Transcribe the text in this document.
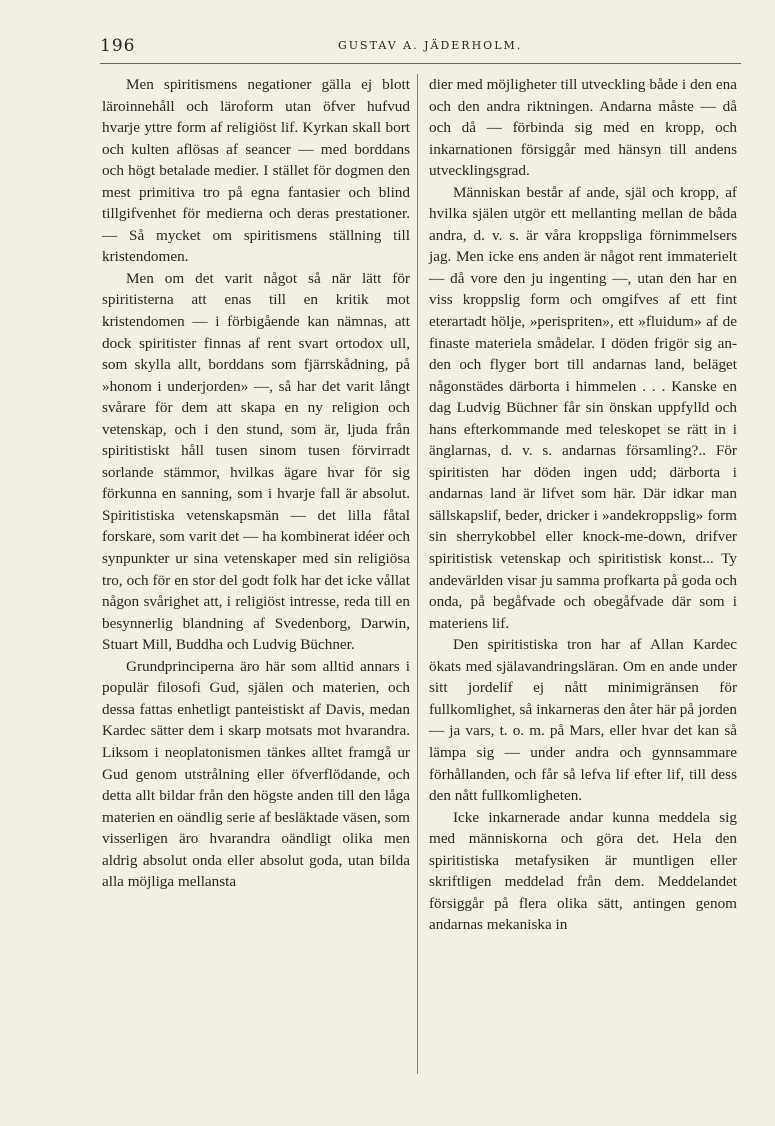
196	GUSTAV A. JÄDERHOLM.

Men spiritismens negationer gälla ej blott läroinnehåll och läroform utan öfver hufvud hvarje yttre form af religiöst lif. Kyrkan skall bort och kulten aflösas af seancer — med borddans och högt betalade medier. I stället för dogmen den mest primitiva tro på egna fantasier och blind tillgifvenhet för medierna och deras prestationer. — Så mycket om spiritismens ställning till kristendomen.

Men om det varit något så när lätt för spiritisterna att enas till en kritik mot kristendomen — i förbigående kan nämnas, att dock spiritister finnas af rent svart ortodox ull, som skylla allt, borddans som fjärrskådning, på »honom i underjorden» —, så har det varit långt svårare för dem att skapa en ny religion och vetenskap, och i den stund, som är, ljuda från spiritistiskt håll tusen sinom tusen förvirradt sorlande stämmor, hvilkas ägare hvar för sig förkunna en sanning, som i hvarje fall är absolut. Spiritistiska vetenskapsmän — det lilla fåtal forskare, som varit det — ha kombinerat idéer och synpunkter ur sina vetenskaper med sin religiösa tro, och för en stor del godt folk har det icke vållat någon svårighet att, i religiöst intresse, reda till en besynnerlig blandning af Svedenborg, Darwin, Stuart Mill, Buddha och Ludvig Büchner.

Grundprinciperna äro här som alltid annars i populär filosofi Gud, själen och materien, och dessa fattas enhetligt panteistiskt af Davis, medan Kardec sätter dem i skarp motsats mot hvarandra. Liksom i neoplatonismen tänkes alltet framgå ur Gud genom utstrålning eller öfverflödande, och detta allt bildar från den högste anden till den låga materien en oändlig serie af besläktade väsen, som visserligen äro hvarandra oändligt olika men aldrig absolut onda eller absolut goda, utan bilda alla möjliga mellansta

dier med möjligheter till utveckling både i den ena och den andra riktningen. Andarna måste — då och då — förbinda sig med en kropp, och inkarnationen försiggår med hänsyn till andens utvecklingsgrad.

Människan består af ande, själ och kropp, af hvilka själen utgör ett mellanting mellan de båda andra, d. v. s. är våra kroppsliga förnimmelsers jag. Men icke ens anden är något rent immaterielt — då vore den ju ingenting —, utan den har en viss kroppslig form och omgifves af ett fint eterartadt hölje, »perispriten», ett »fluidum» af de finaste materiela smådelar. I döden frigör sig anden och flyger bort till andarnas land, beläget någonstädes därborta i himmelen . . . Kanske en dag Ludvig Büchner får sin önskan uppfylld och hans efterkommande med teleskopet se rätt in i änglarnas, d. v. s. andarnas församling?.. För spiritisten har döden ingen udd; därborta i andarnas land är lifvet som här. Där idkar man sällskapslif, beder, dricker i »andekroppslig» form sin sherrykobbel eller knock-me-down, drifver spiritistisk vetenskap och spiritistisk konst... Ty andevärlden visar ju samma profkarta på goda och onda, på begåfvade och obegåfvade där som i materiens lif.

Den spiritistiska tron har af Allan Kardec ökats med själavandringsläran. Om en ande under sitt jordelif ej nått minimigränsen för fullkomlighet, så inkarneras den åter här på jorden — ja vars, t. o. m. på Mars, eller hvar det kan så lämpa sig — under andra och gynnsammare förhållanden, och får så lefva lif efter lif, till dess den nått fullkomligheten.

Icke inkarnerade andar kunna meddela sig med människorna och göra det. Hela den spiritistiska metafysiken är muntligen eller skriftligen meddelad från dem. Meddelandet försiggår på flera olika sätt, antingen genom andarnas mekaniska in
